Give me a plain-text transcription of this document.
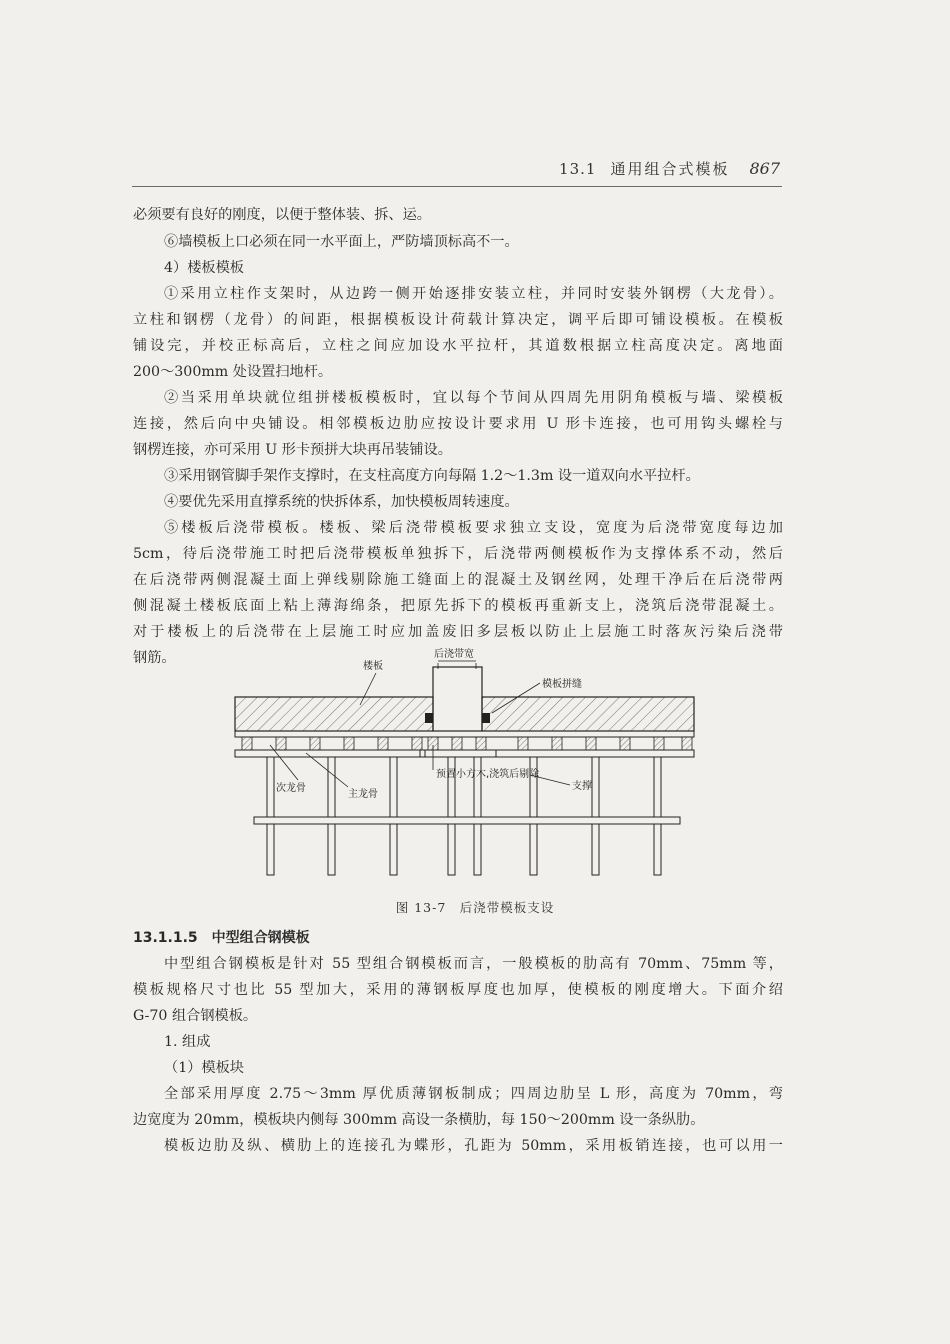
13.1 通用组合式模板 867
必须要有良好的刚度，以便于整体装、拆、运。
⑥墙模板上口必须在同一水平面上，严防墙顶标高不一。
4）楼板模板
①采用立柱作支架时，从边跨一侧开始逐排安装立柱，并同时安装外钢楞（大龙骨）。
立柱和钢楞（龙骨）的间距，根据模板设计荷载计算决定，调平后即可铺设模板。在模板
铺设完，并校正标高后，立柱之间应加设水平拉杆，其道数根据立柱高度决定。离地面
200～300mm 处设置扫地杆。
②当采用单块就位组拼楼板模板时，宜以每个节间从四周先用阴角模板与墙、梁模板
连接，然后向中央铺设。相邻模板边肋应按设计要求用 U 形卡连接，也可用钩头螺栓与
钢楞连接，亦可采用 U 形卡预拼大块再吊装铺设。
③采用钢管脚手架作支撑时，在支柱高度方向每隔 1.2～1.3m 设一道双向水平拉杆。
④要优先采用直撑系统的快拆体系，加快模板周转速度。
⑤楼板后浇带模板。楼板、梁后浇带模板要求独立支设，宽度为后浇带宽度每边加
5cm，待后浇带施工时把后浇带模板单独拆下，后浇带两侧模板作为支撑体系不动，然后
在后浇带两侧混凝土面上弹线剔除施工缝面上的混凝土及钢丝网，处理干净后在后浇带两
侧混凝土楼板底面上粘上薄海绵条，把原先拆下的模板再重新支上，浇筑后浇带混凝土。
对于楼板上的后浇带在上层施工时应加盖废旧多层板以防止上层施工时落灰污染后浇带
钢筋。
楼板
后浇带宽
模板拼缝
次龙骨
主龙骨
预置小方木,浇筑后剔除
支撑
图 13-7　后浇带模板支设
13.1.1.5　中型组合钢模板
中型组合钢模板是针对 55 型组合钢模板而言，一般模板的肋高有 70mm、75mm 等，
模板规格尺寸也比 55 型加大，采用的薄钢板厚度也加厚，使模板的刚度增大。下面介绍
G-70 组合钢模板。
1. 组成
（1）模板块
全部采用厚度 2.75～3mm 厚优质薄钢板制成；四周边肋呈 L 形，高度为 70mm，弯
边宽度为 20mm，模板块内侧每 300mm 高设一条横肋，每 150～200mm 设一条纵肋。
模板边肋及纵、横肋上的连接孔为蝶形，孔距为 50mm，采用板销连接，也可以用一
